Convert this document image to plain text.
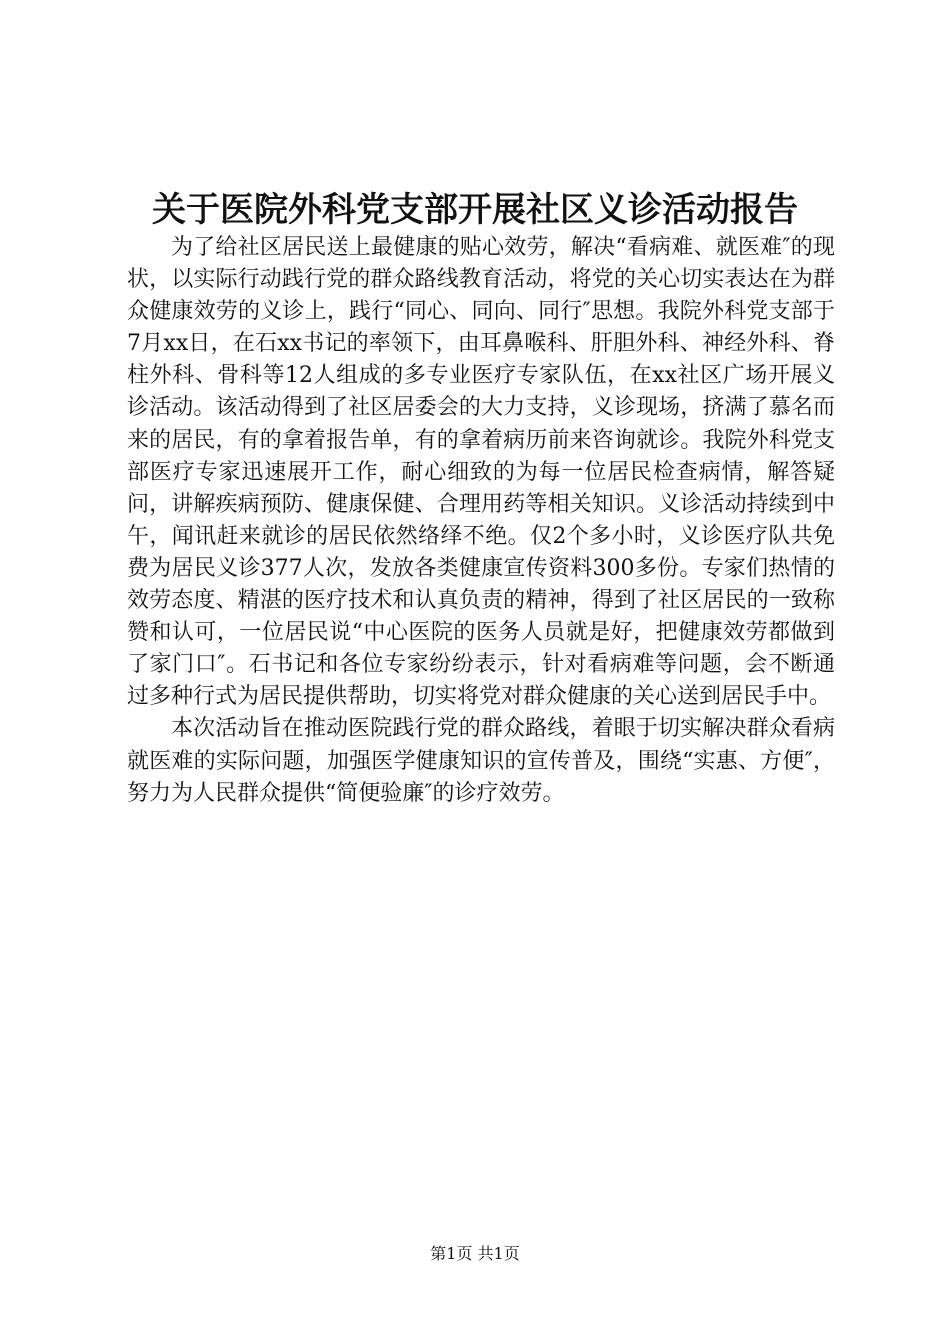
关于医院外科党支部开展社区义诊活动报告

为了给社区居民送上最健康的贴心效劳，解决“看病难、就医难″的现状，以实际行动践行党的群众路线教育活动，将党的关心切实表达在为群众健康效劳的义诊上，践行“同心、同向、同行″思想。我院外科党支部于7月xx日，在石xx书记的率领下，由耳鼻喉科、肝胆外科、神经外科、脊柱外科、骨科等12人组成的多专业医疗专家队伍，在xx社区广场开展义诊活动。该活动得到了社区居委会的大力支持，义诊现场，挤满了慕名而来的居民，有的拿着报告单，有的拿着病历前来咨询就诊。我院外科党支部医疗专家迅速展开工作，耐心细致的为每一位居民检查病情，解答疑问，讲解疾病预防、健康保健、合理用药等相关知识。义诊活动持续到中午，闻讯赶来就诊的居民依然络绎不绝。仅2个多小时，义诊医疗队共免费为居民义诊377人次，发放各类健康宣传资料300多份。专家们热情的效劳态度、精湛的医疗技术和认真负责的精神，得到了社区居民的一致称赞和认可，一位居民说“中心医院的医务人员就是好，把健康效劳都做到了家门口″。石书记和各位专家纷纷表示，针对看病难等问题，会不断通过多种行式为居民提供帮助，切实将党对群众健康的关心送到居民手中。

本次活动旨在推动医院践行党的群众路线，着眼于切实解决群众看病就医难的实际问题，加强医学健康知识的宣传普及，围绕“实惠、方便″，努力为人民群众提供“简便验廉″的诊疗效劳。

第1页 共1页
